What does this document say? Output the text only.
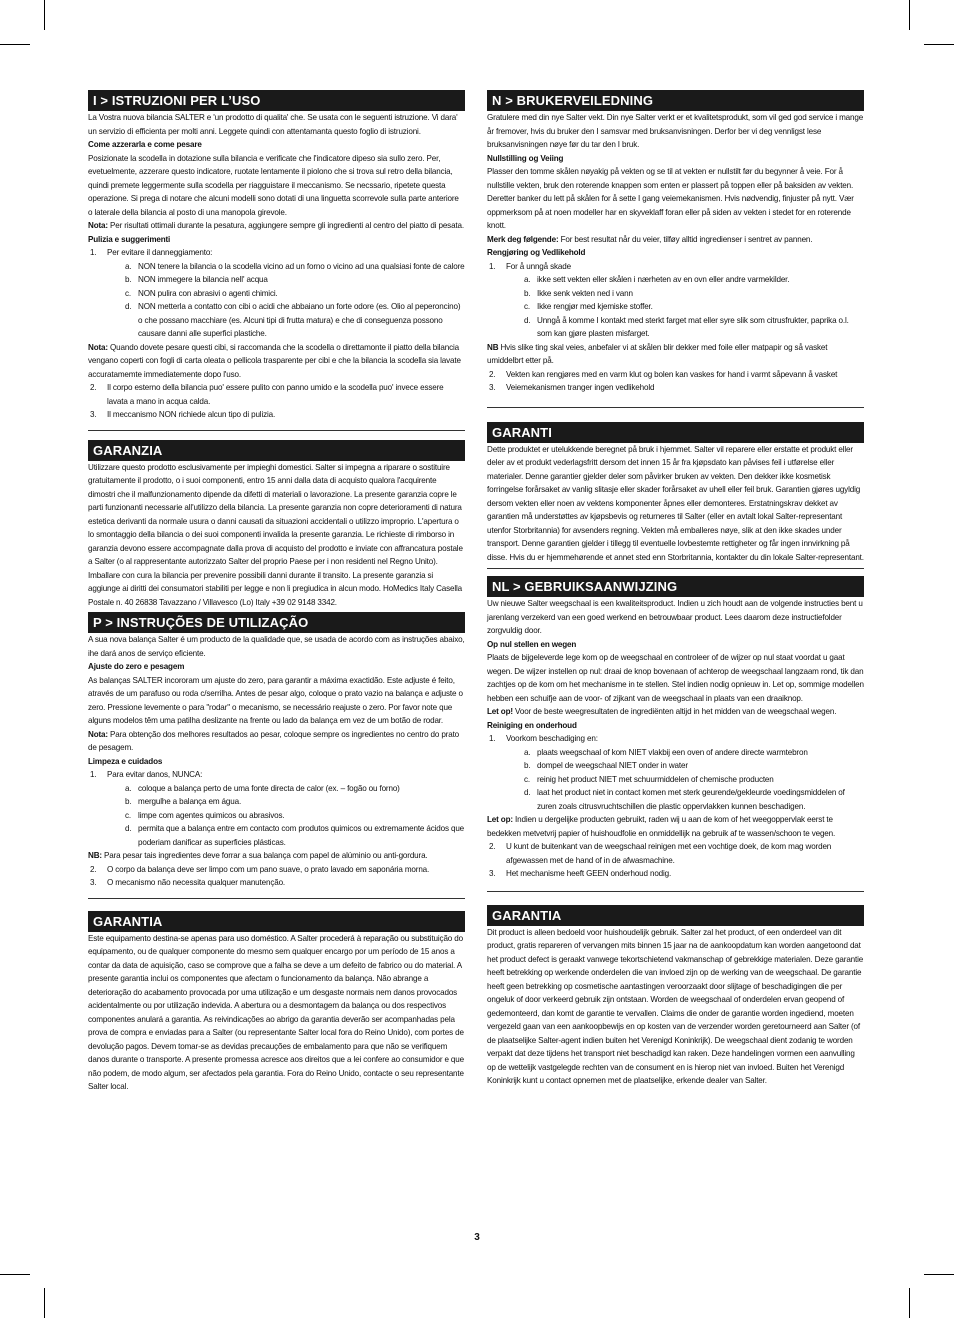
I > ISTRUZIONI PER L’USO

La Vostra nuova bilancia SALTER e 'un prodotto di qualita' che. Se usata con le seguenti istruzione. Vi dara' un servizio di efficienta per molti anni. Leggete quindi con attentamanta questo foglio di istruzioni.

Come azzerarla e come pesare

Posizionate la scodella in dotazione sulla bilancia e verificate che l'indicatore dipeso sia sullo zero. Per, evetuelmente, azzerare questo indicatore, ruotate lentamente il piolono che si trova sul retro della bilancia, quindi premete leggermente sulla scodella per riagguistare il meccanismo. Se necssario, ripetete questa operazione. Si prega di notare che alcuni modelli sono dotati di una linguetta scorrevole sulla parte anteriore o laterale della bilancia al posto di una manopola girevole.

Nota: Per risultati ottimali durante la pesatura, aggiungere sempre gli ingredienti al centro del piatto di pesata.

Pulizia e suggerimenti

1. Per evitare il danneggiamento:
a. NON tenere la bilancia o la scodella vicino ad un forno o vicino ad una qualsiasi fonte de calore
b. NON immegere la bilancia nell' acqua
c. NON pulira con abrasivi o agenti chimici.
d. NON metterla a contatto con cibi o acidi che abbaiano un forte odore (es. Olio al peperoncino) o che possano macchiare (es. Alcuni tipi di frutta matura) e che di conseguenza possono causare danni alle superfici plastiche.

Nota: Quando dovete pesare questi cibi, si raccomanda che la scodella o direttamonte il piatto della bilancia vengano coperti con fogli di carta oleata o pellicola trasparente per cibi e che la bilancia la scodella sia lavate accuratamemte immediatemente dopo l'uso.

2. Il corpo esterno della bilancia puo' essere pulito con panno umido e la scodella puo' invece essere lavata a mano in acqua calda.
3. Il meccanismo NON richiede alcun tipo di pulizia.
GARANZIA

Utilizzare questo prodotto esclusivamente per impieghi domestici. Salter si impegna a riparare o sostituire gratuitamente il prodotto, o i suoi componenti, entro 15 anni dalla data di acquisto qualora l'acquirente dimostri che il malfunzionamento dipende da difetti di materiali o lavorazione. La presente garanzia copre le parti funzionanti necessarie all'utilizzo della bilancia. La presente garanzia non copre deterioramenti di natura estetica derivanti da normale usura o danni causati da situazioni accidentali o utilizzo improprio. L'apertura o lo smontaggio della bilancia o dei suoi componenti invalida la presente garanzia. Le richieste di rimborso in garanzia devono essere accompagnate dalla prova di acquisto del prodotto e inviate con affrancatura postale a Salter (o al rappresentante autorizzato Salter del proprio Paese per i non residenti nel Regno Unito). Imballare con cura la bilancia per prevenire possibili danni durante il transito. La presente garanzia si aggiunge ai diritti dei consumatori stabiliti per legge e non li pregiudica in alcun modo. HoMedics Italy Casella Postale n. 40 26838 Tavazzano / Villavesco (Lo) Italy +39 02 9148 3342.

P > INSTRUÇÕES DE UTILIZAÇÃO

A sua nova balança Salter é um producto de la qualidade que, se usada de acordo com as instruções abaixo, ihe dará anos de serviço eficiente.

Ajuste do zero e pesagem

As balanças SALTER incororam um ajuste do zero, para garantir a máxima exactidão. Este adjuste é feito, através de um parafuso ou roda c/serrilha. Antes de pesar algo, coloque o prato vazio na balança e adjuste o zero. Pressione levemente o para "rodar" o mecanismo, se necessário reajuste o zero. Por favor note que alguns modelos têm uma patilha deslizante na frente ou lado da balança em vez de um botão de rodar.

Nota: Para obtenção dos melhores resultados ao pesar, coloque sempre os ingredientes no centro do prato de pesagem.

Limpeza e cuidados

1. Para evitar danos, NUNCA:
a. coloque a balança perto de uma fonte directa de calor (ex. – fogão ou forno)
b. mergulhe a balança em água.
c. limpe com agentes quimicos ou abrasivos.
d. permita que a balança entre em contacto com produtos quimicos ou extremamente ácidos que poderiam danificar as superficies plásticas.

NB: Para pesar tais ingredientes deve forrar a sua balança com papel de alúminio ou anti-gordura.

2. O corpo da balança deve ser limpo com um pano suave, o prato lavado em saponária morna.
3. O mecanismo não necessita qualquer manutenção.
GARANTIA

Este equipamento destina-se apenas para uso doméstico. A Salter procederá à reparação ou substituição do equipamento, ou de qualquer componente do mesmo sem qualquer encargo por um período de 15 anos a contar da data de aquisição, caso se comprove que a falha se deve a um defeito de fabrico ou do material. A presente garantia inclui os componentes que afectam o funcionamento da balança. Não abrange a deterioração do acabamento provocada por uma utilização e um desgaste normais nem danos provocados acidentalmente ou por utilização indevida. A abertura ou a desmontagem da balança ou dos respectivos componentes anulará a garantia. As reivindicações ao abrigo da garantia deverão ser acompanhadas pela prova de compra e enviadas para a Salter (ou representante Salter local fora do Reino Unido), com portes de devolução pagos. Devem tomar-se as devidas precauções de embalamento para que não se verifiquem danos durante o transporte. A presente promessa acresce aos direitos que a lei confere ao consumidor e que não podem, de modo algum, ser afectados pela garantia. Fora do Reino Unido, contacte o seu representante Salter local.

N > BRUKERVEILEDNING

Gratulere med din nye Salter vekt. Din nye Salter verkt er et kvalitetsprodukt, som vil ged god service i mange år fremover, hvis du bruker den I samsvar med bruksanvisningen. Derfor ber vi deg vennligst lese bruksanvisningen nøye før du tar den I bruk.

Nullstilling og Veiing

Plasser den tomme skålen nøyakig på vekten og se til at vekten er nullstilt før du begynner å veie. For å nullstille vekten, bruk den roterende knappen som enten er plassert på toppen eller på baksiden av vekten. Deretter banker du lett på skålen for å sette I gang veiemekanismen. Hvis nødvendig, finjuster på nytt. Vær oppmerksom på at noen modeller har en skyveklaff foran eller på siden av vekten i stedet for en roterende knott.

Merk deg følgende: For best resultat når du veier, tilføy alltid ingredienser i sentret av pannen.

Rengjøring og Vedlikehold

1. For å unngå skade
a. ikke sett vekten eller skålen i nærheten av en ovn eller andre varmekilder.
b. Ikke senk vekten ned i vann
c. Ikke rengjør med kjemiske stoffer.
d. Unngå å komme I kontakt med sterkt farget mat eller syre slik som citrusfrukter, paprika o.l. som kan gjøre plasten misfarget.

NB Hvis slike ting skal veies, anbefaler vi at skålen blir dekker med foile eller matpapir og så vasket umiddelbrt etter på.

2. Vekten kan rengjøres med en varm klut og bolen kan vaskes for hand i varmt såpevann å vasket
3. Veiemekanismen tranger ingen vedlikehold
GARANTI

Dette produktet er utelukkende beregnet på bruk i hjemmet. Salter vil reparere eller erstatte et produkt eller deler av et produkt vederlagsfritt dersom det innen 15 år fra kjøpsdato kan påvises feil i utførelse eller materialer. Denne garantier gjelder deler som påvirker bruken av vekten. Den dekker ikke kosmetisk forringelse forårsaket av vanlig slitasje eller skader forårsaket av uhell eller feil bruk. Garantien gjøres ugyldig dersom vekten eller noen av vektens komponenter åpnes eller demonteres. Erstatningskrav dekket av garantien må understøttes av kjøpsbevis og returneres til Salter (eller en avtalt lokal Salter-representant utenfor Storbritannia) for avsenders regning. Vekten må emballeres nøye, slik at den ikke skades under transport. Denne garantien gjelder i tillegg til eventuelle lovbestemte rettigheter og får ingen innvirkning på disse. Hvis du er hjemmehørende et annet sted enn Storbritannia, kontakter du din lokale Salter-representant.

NL > GEBRUIKSAANWIJZING

Uw nieuwe Salter weegschaal is een kwaliteitsproduct. Indien u zich houdt aan de volgende instructies bent u jarenlang verzekerd van een goed werkend en betrouwbaar product. Lees daarom deze instructiefolder zorgvuldig door.

Op nul stellen en wegen

Plaats de bijgeleverde lege kom op de weegschaal en controleer of de wijzer op nul staat voordat u gaat wegen. De wijzer instellen op nul: draai de knop bovenaan of achterop de weegschaal langzaam rond, tik dan zachtjes op de kom om het mechanisme in te stellen. Stel indien nodig opnieuw in. Let op, sommige modellen hebben een schuifje aan de voor- of zijkant van de weegschaal in plaats van een draaiknop.

Let op! Voor de beste weegresultaten de ingrediënten altijd in het midden van de weegschaal wegen.

Reiniging en onderhoud

1. Voorkom beschadiging en:
a. plaats weegschaal of kom NIET vlakbij een oven of andere directe warmtebron
b. dompel de weegschaal NIET onder in water
c. reinig het product NIET met schuurmiddelen of chemische producten
d. laat het product niet in contact komen met sterk geurende/gekleurde voedingsmiddelen of zuren zoals citrusvruchtschillen die plastic oppervlakken kunnen beschadigen.

Let op: Indien u dergelijke producten gebruikt, raden wij u aan de kom of het weegoppervlak eerst te bedekken metvetvrij papier of huishoudfolie en onmiddellijk na gebruik af te wassen/schoon te vegen.

2. U kunt de buitenkant van de weegschaal reinigen met een vochtige doek, de kom mag worden afgewassen met de hand of in de afwasmachine.
3. Het mechanisme heeft GEEN onderhoud nodig.
GARANTIA

Dit product is alleen bedoeld voor huishoudelijk gebruik. Salter zal het product, of een onderdeel van dit product, gratis repareren of vervangen mits binnen 15 jaar na de aankoopdatum kan worden aangetoond dat het product defect is geraakt vanwege tekortschietend vakmanschap of gebrekkige materialen. Deze garantie heeft betrekking op werkende onderdelen die van invloed zijn op de werking van de weegschaal. De garantie heeft geen betrekking op cosmetische aantastingen veroorzaakt door slijtage of beschadigingen die per ongeluk of door verkeerd gebruik zijn ontstaan. Worden de weegschaal of onderdelen ervan geopend of gedemonteerd, dan komt de garantie te vervallen. Claims die onder de garantie worden ingediend, moeten vergezeld gaan van een aankoopbewijs en op kosten van de verzender worden geretourneerd aan Salter (of de plaatselijke Salter-agent indien buiten het Verenigd Koninkrijk). De weegschaal dient zodanig te worden verpakt dat deze tijdens het transport niet beschadigd kan raken. Deze handelingen vormen een aanvulling op de wettelijk vastgelegde rechten van de consument en is hierop niet van invloed. Buiten het Verenigd Koninkrijk kunt u contact opnemen met de plaatselijke, erkende dealer van Salter.

3
